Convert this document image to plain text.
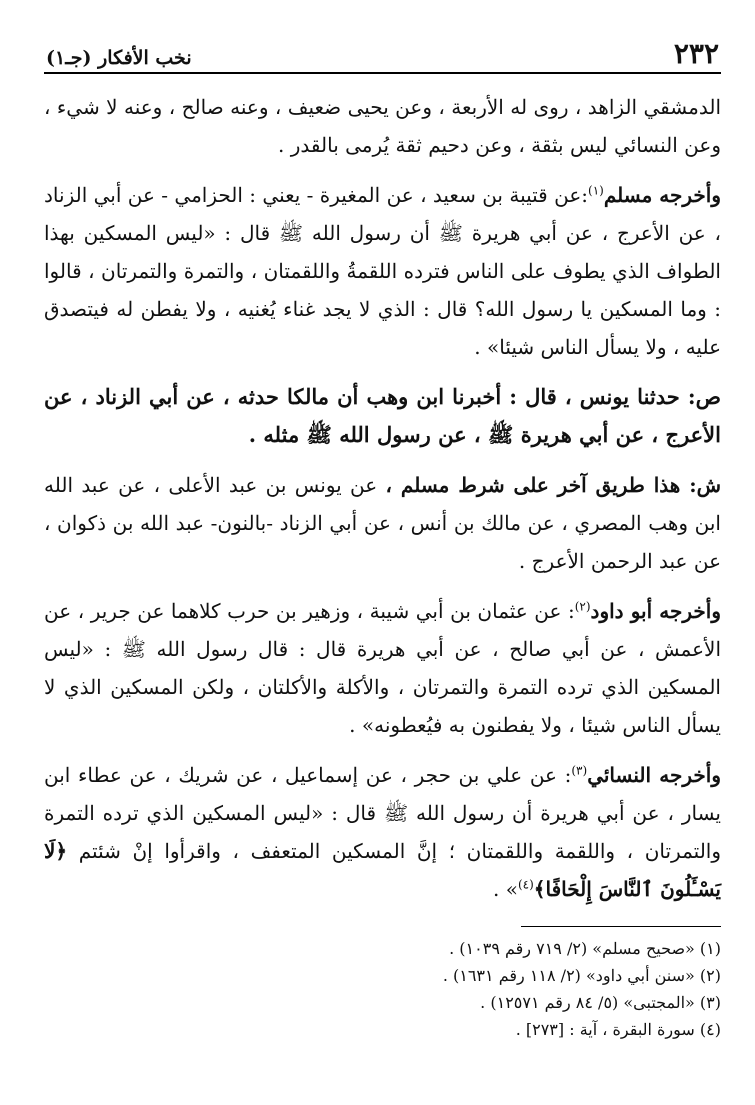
٢٣٢
نخب الأفكار (جـ١)

الدمشقي الزاهد ، روى له الأربعة ، وعن يحيى ضعيف ، وعنه صالح ، وعنه لا شيء ، وعن النسائي ليس بثقة ، وعن دحيم ثقة يُرمى بالقدر .

وأخرجه مسلم$^{(١)}$:عن قتيبة بن سعيد ، عن المغيرة - يعني : الحزامي - عن أبي الزناد ، عن الأعرج ، عن أبي هريرة ﷺ أن رسول الله ﷺ قال : «ليس المسكين بهذا الطواف الذي يطوف على الناس فترده اللقمةُ واللقمتان ، والتمرة والتمرتان ، قالوا : وما المسكين يا رسول الله؟ قال : الذي لا يجد غناء يُغنيه ، ولا يفطن له فيتصدق عليه ، ولا يسأل الناس شيئا» .

ص: حدثنا يونس ، قال : أخبرنا ابن وهب أن مالكا حدثه ، عن أبي الزناد ، عن الأعرج ، عن أبي هريرة ﷺ ، عن رسول الله ﷺ مثله .

ش: هذا طريق آخر على شرط مسلم ، عن يونس بن عبد الأعلى ، عن عبد الله ابن وهب المصري ، عن مالك بن أنس ، عن أبي الزناد -بالنون- عبد الله بن ذكوان ، عن عبد الرحمن الأعرج .

وأخرجه أبو داود$^{(٢)}$: عن عثمان بن أبي شيبة ، وزهير بن حرب كلاهما عن جرير ، عن الأعمش ، عن أبي صالح ، عن أبي هريرة قال : قال رسول الله ﷺ : «ليس المسكين الذي ترده التمرة والتمرتان ، والأكلة والأكلتان ، ولكن المسكين الذي لا يسأل الناس شيئا ، ولا يفطنون به فيُعطونه» .

وأخرجه النسائي$^{(٣)}$: عن علي بن حجر ، عن إسماعيل ، عن شريك ، عن عطاء ابن يسار ، عن أبي هريرة أن رسول الله ﷺ قال : «ليس المسكين الذي ترده التمرة والتمرتان ، واللقمة واللقمتان ؛ إنَّ المسكين المتعفف ، واقرأوا إنْ شئتم ﴿لَا يَسْـَٔلُونَ ٱلنَّاسَ إِلْحَافًا﴾$^{(٤)}$» .

(١) «صحيح مسلم» (٢/ ٧١٩ رقم ١٠٣٩) .
(٢) «سنن أبي داود» (٢/ ١١٨ رقم ١٦٣١) .
(٣) «المجتبى» (٥/ ٨٤ رقم ١٢٥٧١) .
(٤) سورة البقرة ، آية : [٢٧٣] .
